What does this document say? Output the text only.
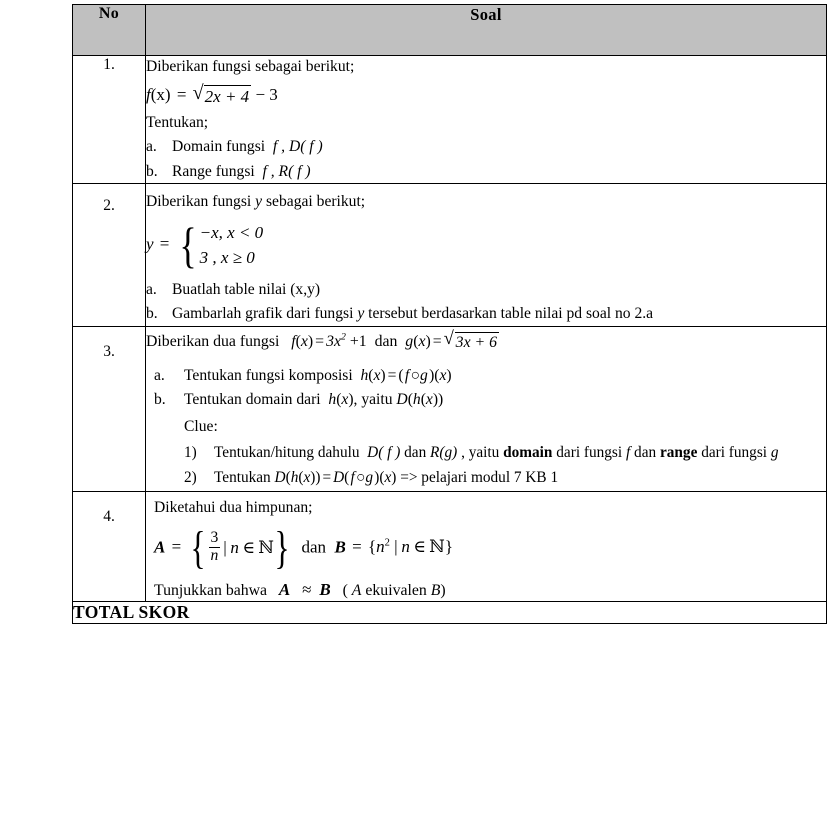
No	Soal
1.	Diberikan fungsi sebagai berikut;
f(x) = √ 2x + 4 − 3
Tentukan;
a. Domain fungsi f , D( f )
b. Range fungsi f , R( f )

2.	Diberikan fungsi y sebagai berikut;
y = { −x, x < 0
3 , x ≥ 0
a. Buatlah table nilai (x,y)
b. Gambarlah grafik dari fungsi y tersebut berdasarkan table nilai pd soal no 2.a

3.	
Diberikan dua fungsi $f(x) = 3x^2 +1$ dan g(x) = √ 3x + 6
a.	Tentukan fungsi komposisi h(x) = ( f ○g )(x)
b.	Tentukan domain dari h(x), yaitu D(h(x))
Clue:
1)	Tentukan/hitung dahulu D( f ) dan R(g) , yaitu domain dari fungsi f dan range dari fungsi g
2)	Tentukan D(h(x)) = D( f ○g )(x) => pelajari modul 7 KB 1

4.	
Diketahui dua himpunan;
A = { $\frac{3}{n}$ | n ∈  ℕ } dan $B = \{n^2$ | n ∈  ℕ}
Tunjukkan bahwa A ≈ B ( A ekuivalen B)

TOTAL SKOR	
